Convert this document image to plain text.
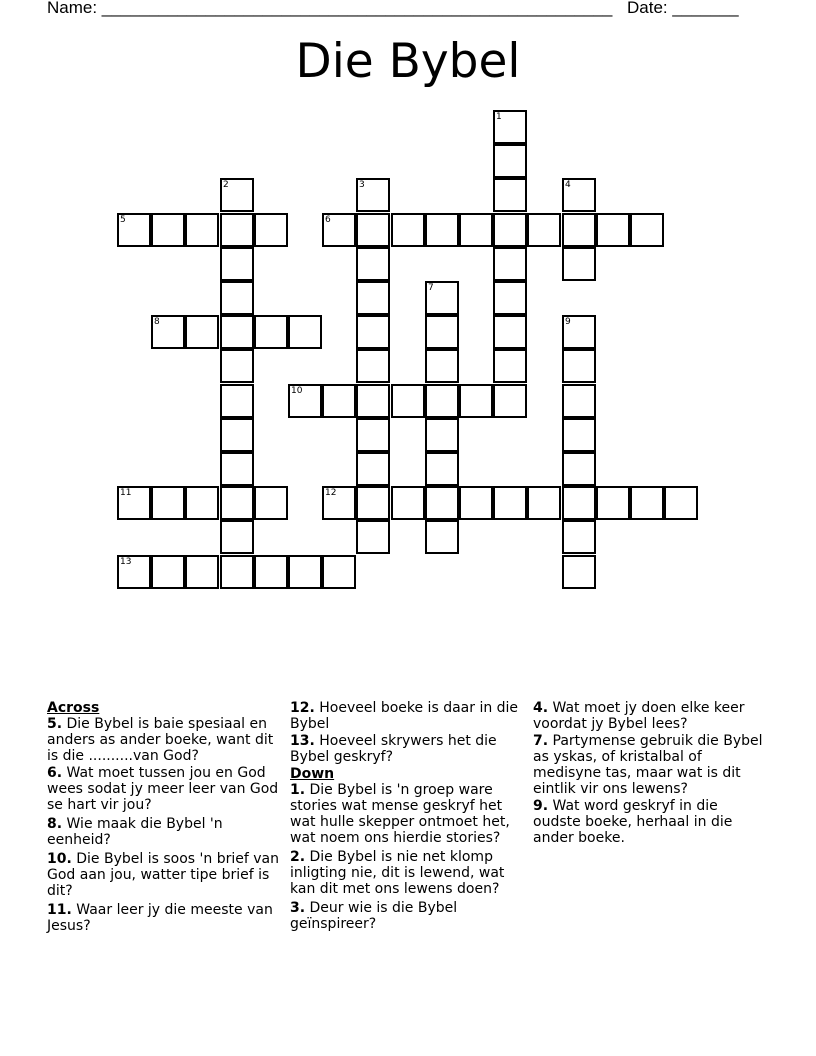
Name: ______________________________________________________ Date: _______
Die Bybel
1
2	3	4
5	6
7
8	9
10
11	12
13
Across
5. Die Bybel is baie spesiaal en anders as ander boeke, want dit is die ..........van God?
6. Wat moet tussen jou en God wees sodat jy meer leer van God se hart vir jou?
8. Wie maak die Bybel 'n eenheid?
10. Die Bybel is soos 'n brief van God aan jou, watter tipe brief is dit?
11. Waar leer jy die meeste van Jesus?
12. Hoeveel boeke is daar in die Bybel
13. Hoeveel skrywers het die Bybel geskryf?
Down
1. Die Bybel is 'n groep ware stories wat mense geskryf het wat hulle skepper ontmoet het, wat noem ons hierdie stories?
2. Die Bybel is nie net klomp inligting nie, dit is lewend, wat kan dit met ons lewens doen?
3. Deur wie is die Bybel geïnspireer?
4. Wat moet jy doen elke keer voordat jy Bybel lees?
7. Partymense gebruik die Bybel as yskas, of kristalbal of medisyne tas, maar wat is dit eintlik vir ons lewens?
9. Wat word geskryf in die oudste boeke, herhaal in die ander boeke.
